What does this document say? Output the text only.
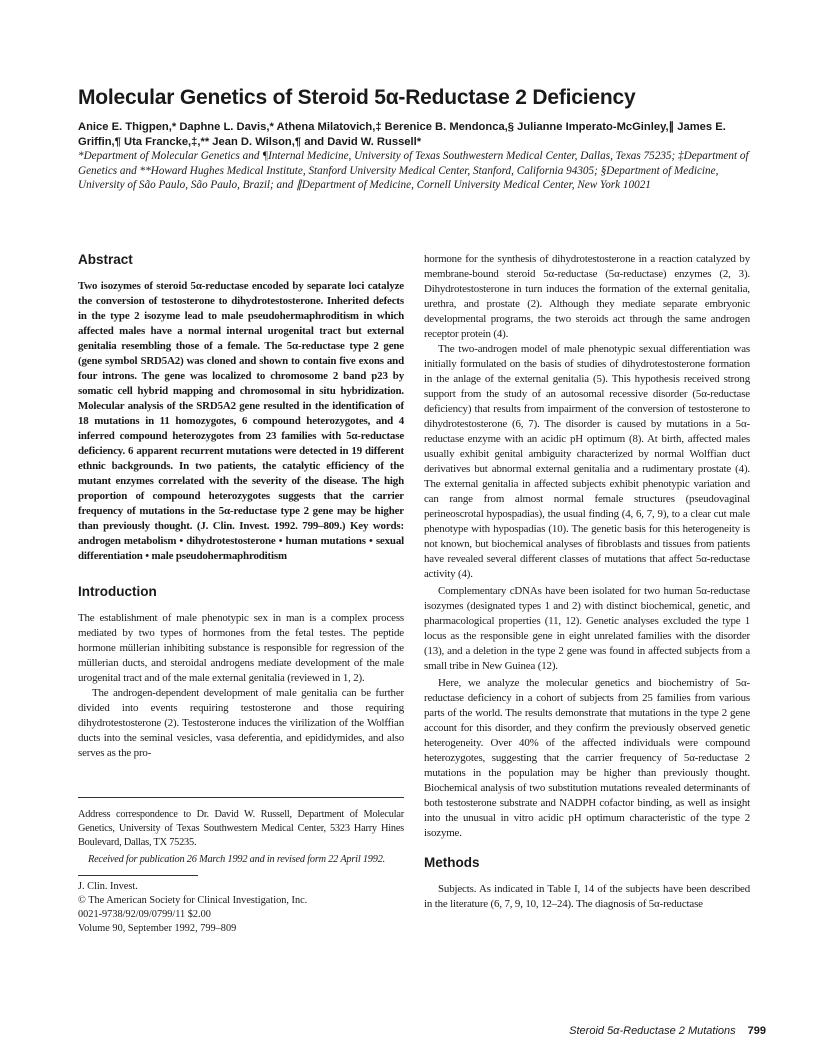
Molecular Genetics of Steroid 5α-Reductase 2 Deficiency
Anice E. Thigpen,* Daphne L. Davis,* Athena Milatovich,‡ Berenice B. Mendonca,§ Julianne Imperato-McGinley,∥ James E. Griffin,¶ Uta Francke,‡,** Jean D. Wilson,¶ and David W. Russell*
*Department of Molecular Genetics and ¶Internal Medicine, University of Texas Southwestern Medical Center, Dallas, Texas 75235; ‡Department of Genetics and **Howard Hughes Medical Institute, Stanford University Medical Center, Stanford, California 94305; §Department of Medicine, University of São Paulo, São Paulo, Brazil; and ∥Department of Medicine, Cornell University Medical Center, New York 10021
Abstract

Two isozymes of steroid 5α-reductase encoded by separate loci catalyze the conversion of testosterone to dihydrotestosterone. Inherited defects in the type 2 isozyme lead to male pseudohermaphroditism in which affected males have a normal internal urogenital tract but external genitalia resembling those of a female. The 5α-reductase type 2 gene (gene symbol SRD5A2) was cloned and shown to contain five exons and four introns. The gene was localized to chromosome 2 band p23 by somatic cell hybrid mapping and chromosomal in situ hybridization. Molecular analysis of the SRD5A2 gene resulted in the identification of 18 mutations in 11 homozygotes, 6 compound heterozygotes, and 4 inferred compound heterozygotes from 23 families with 5α-reductase deficiency. 6 apparent recurrent mutations were detected in 19 different ethnic backgrounds. In two patients, the catalytic efficiency of the mutant enzymes correlated with the severity of the disease. The high proportion of compound heterozygotes suggests that the carrier frequency of mutations in the 5α-reductase type 2 gene may be higher than previously thought. (J. Clin. Invest. 1992. 799–809.) Key words: androgen metabolism • dihydrotestosterone • human mutations • sexual differentiation • male pseudohermaphroditism

Introduction

The establishment of male phenotypic sex in man is a complex process mediated by two types of hormones from the fetal testes. The peptide hormone müllerian inhibiting substance is responsible for regression of the müllerian ducts, and steroidal androgens mediate development of the male urogenital tract and of the male external genitalia (reviewed in 1, 2).

The androgen-dependent development of male genitalia can be further divided into events requiring testosterone and those requiring dihydrotestosterone (2). Testosterone induces the virilization of the Wolffian ducts into the seminal vesicles, vasa deferentia, and epididymides, and also serves as the pro-

Address correspondence to Dr. David W. Russell, Department of Molecular Genetics, University of Texas Southwestern Medical Center, 5323 Harry Hines Boulevard, Dallas, TX 75235.

Received for publication 26 March 1992 and in revised form 22 April 1992.

J. Clin. Invest.

© The American Society for Clinical Investigation, Inc.

0021-9738/92/09/0799/11 $2.00

Volume 90, September 1992, 799–809

hormone for the synthesis of dihydrotestosterone in a reaction catalyzed by membrane-bound steroid 5α-reductase (5α-reductase) enzymes (2, 3). Dihydrotestosterone in turn induces the formation of the external genitalia, urethra, and prostate (2). Although they mediate separate embryonic developmental programs, the two steroids act through the same androgen receptor protein (4).

The two-androgen model of male phenotypic sexual differentiation was initially formulated on the basis of studies of dihydrotestosterone formation in the anlage of the external genitalia (5). This hypothesis received strong support from the study of an autosomal recessive disorder (5α-reductase deficiency) that results from impairment of the conversion of testosterone to dihydrotestosterone (6, 7). The disorder is caused by mutations in a 5α-reductase enzyme with an acidic pH optimum (8). At birth, affected males usually exhibit genital ambiguity characterized by normal Wolffian duct derivatives but abnormal external genitalia and a rudimentary prostate (4). The external genitalia in affected subjects exhibit phenotypic variation and can range from almost normal female structures (pseudovaginal perineoscrotal hypospadias), the usual finding (4, 6, 7, 9), to a clear cut male phenotype with hypospadias (10). The genetic basis for this heterogeneity is not known, but biochemical analyses of fibroblasts and tissues from patients have revealed several different classes of mutations that affect 5α-reductase activity (4).

Complementary cDNAs have been isolated for two human 5α-reductase isozymes (designated types 1 and 2) with distinct biochemical, genetic, and pharmacological properties (11, 12). Genetic analyses excluded the type 1 locus as the responsible gene in eight unrelated families with the disorder (13), and a deletion in the type 2 gene was found in affected subjects from a small tribe in New Guinea (12).

Here, we analyze the molecular genetics and biochemistry of 5α-reductase deficiency in a cohort of subjects from 25 families from various parts of the world. The results demonstrate that mutations in the type 2 gene account for this disorder, and they confirm the previously observed genetic heterogeneity. Over 40% of the affected individuals were compound heterozygotes, suggesting that the carrier frequency of 5α-reductase 2 mutations in the population may be higher than previously thought. Biochemical analysis of two substitution mutations revealed determinants of both testosterone substrate and NADPH cofactor binding, as well as insight into the unusual in vitro acidic pH optimum characteristic of the type 2 isozyme.

Methods

Subjects. As indicated in Table I, 14 of the subjects have been described in the literature (6, 7, 9, 10, 12–24). The diagnosis of 5α-reductase

Steroid 5α-Reductase 2 Mutations 799
